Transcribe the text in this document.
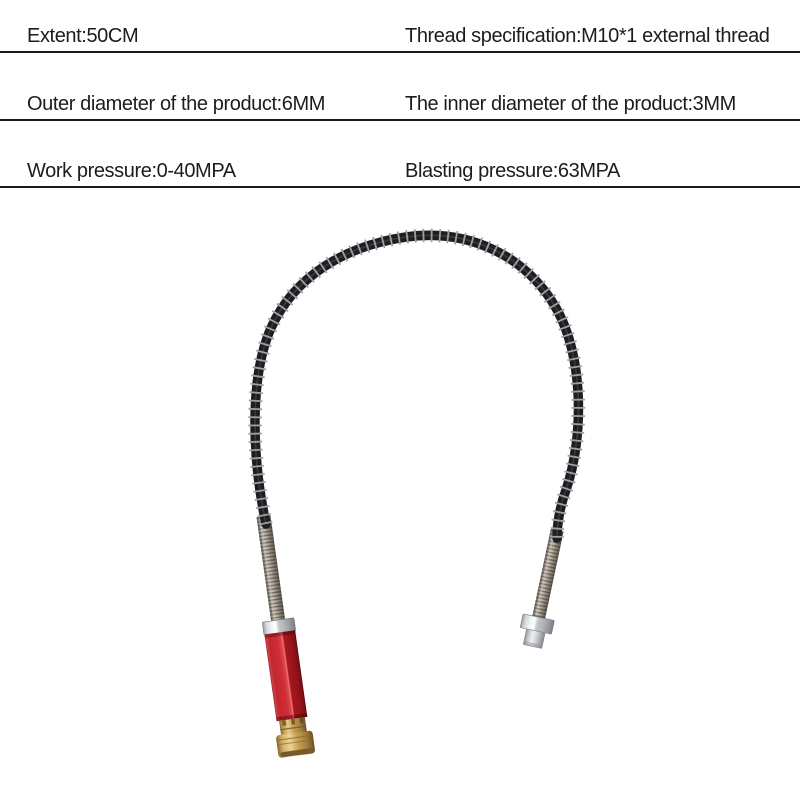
Extent:50CM	Thread specification:M10*1 external thread
Outer diameter of the product:6MM	The inner diameter of the product:3MM
Work pressure:0-40MPA	Blasting pressure:63MPA
